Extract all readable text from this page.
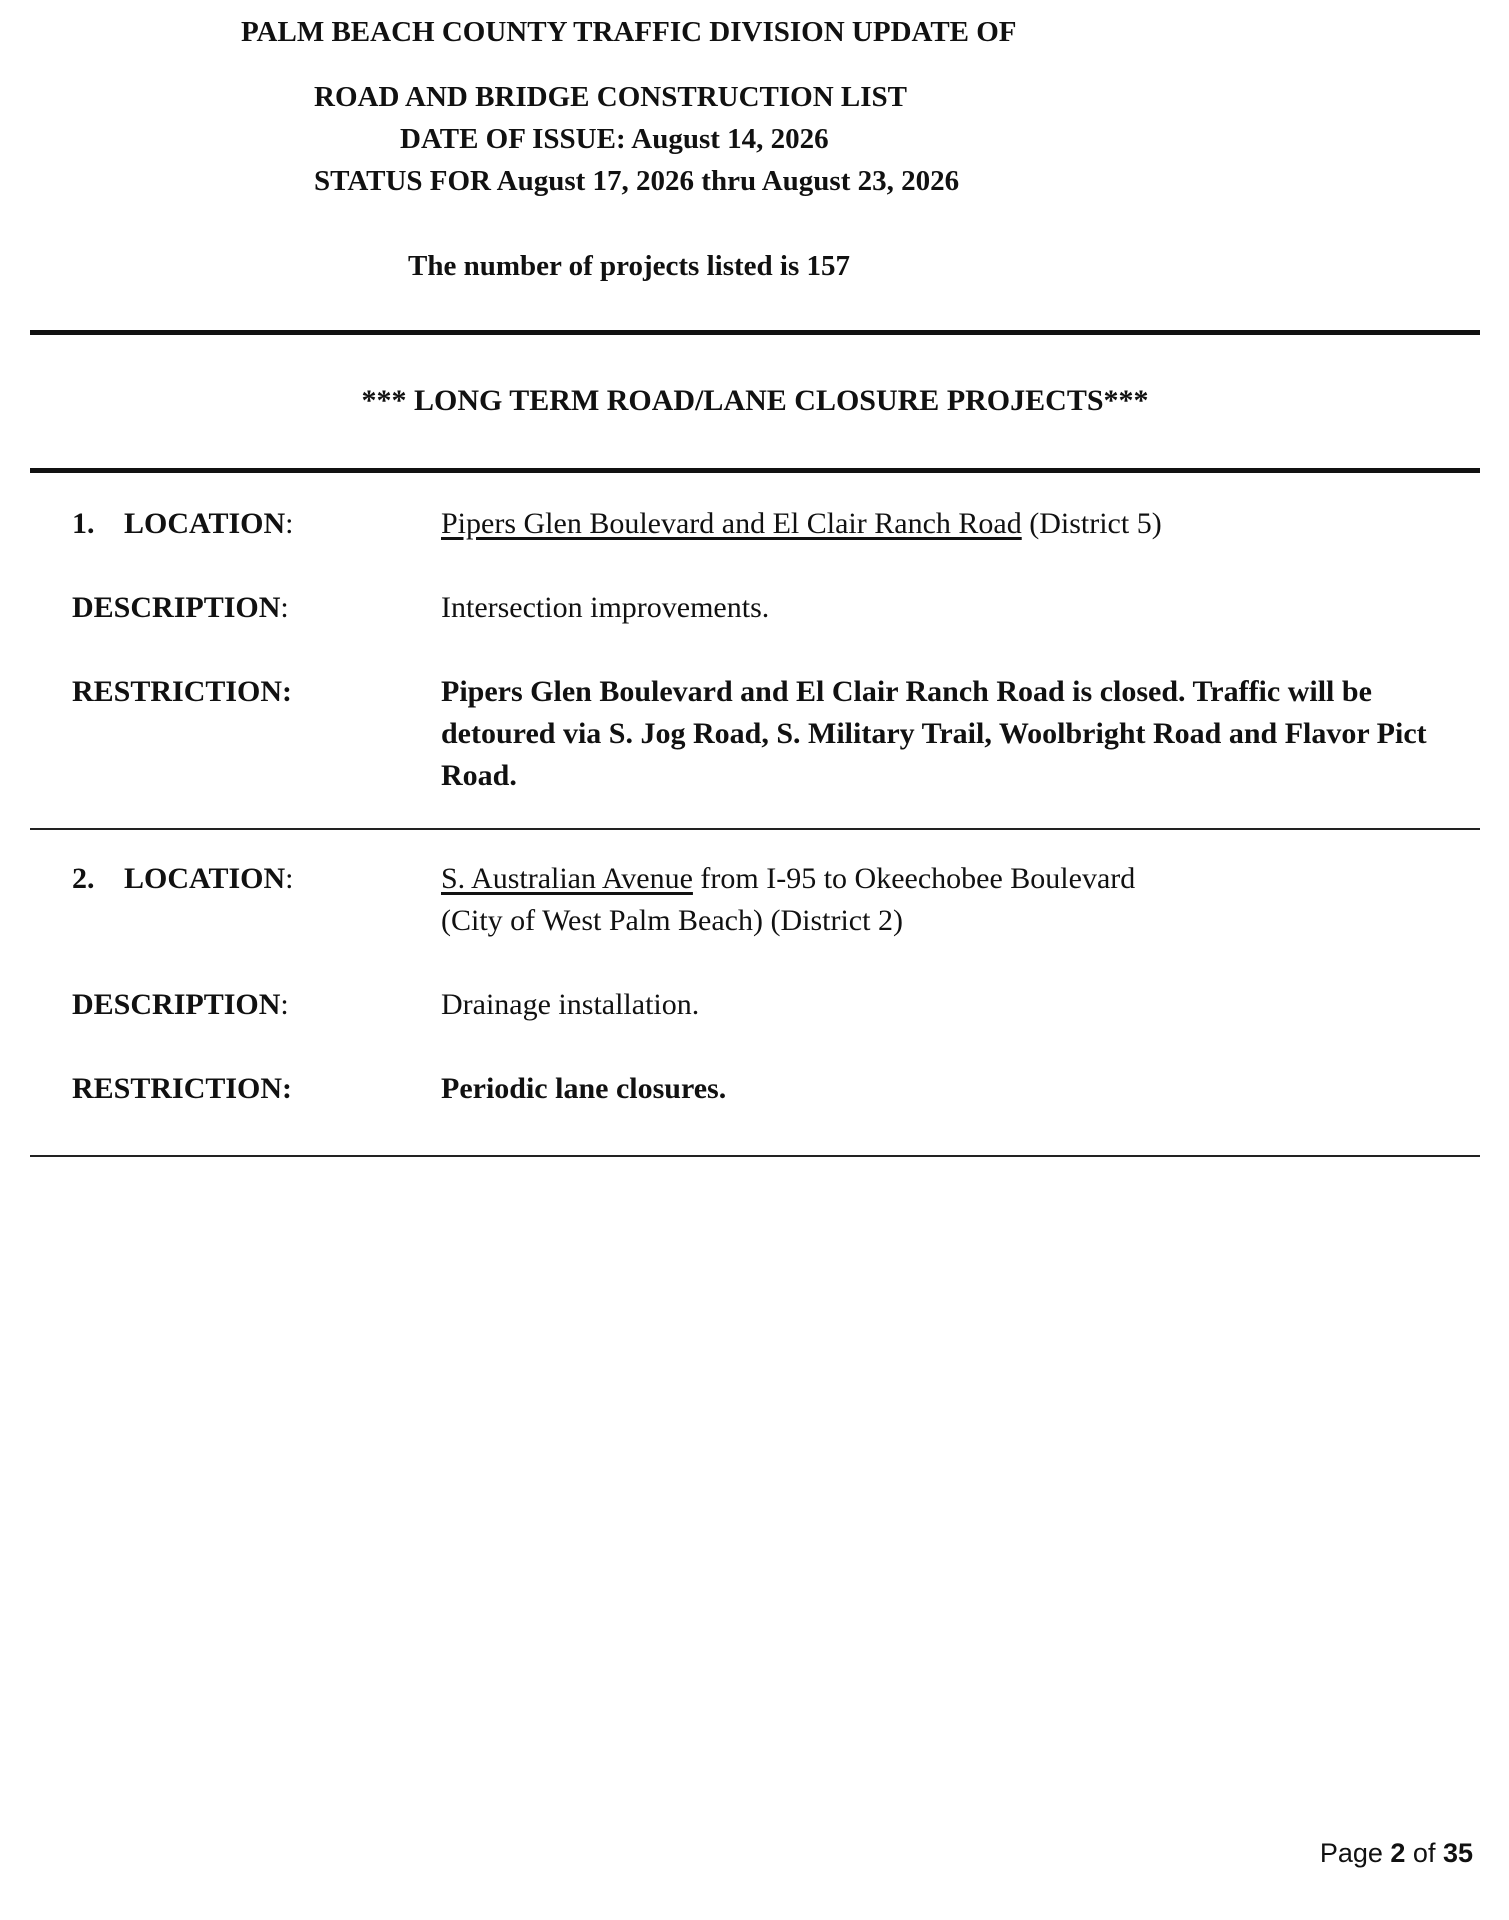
PALM BEACH COUNTY TRAFFIC DIVISION UPDATE OF
ROAD AND BRIDGE CONSTRUCTION LIST
DATE OF ISSUE: August 14, 2026
STATUS FOR August 17, 2026 thru August 23, 2026
The number of projects listed is 157
*** LONG TERM ROAD/LANE CLOSURE PROJECTS***
1. LOCATION:	Pipers Glen Boulevard and El Clair Ranch Road (District 5)
DESCRIPTION:	Intersection improvements.
RESTRICTION:	Pipers Glen Boulevard and El Clair Ranch Road is closed. Traffic will be detoured via S. Jog Road, S. Military Trail, Woolbright Road and Flavor Pict Road.
2. LOCATION:	S. Australian Avenue from I-95 to Okeechobee Boulevard
(City of West Palm Beach) (District 2)
DESCRIPTION:	Drainage installation.
RESTRICTION:	Periodic lane closures.
Page 2 of 35
